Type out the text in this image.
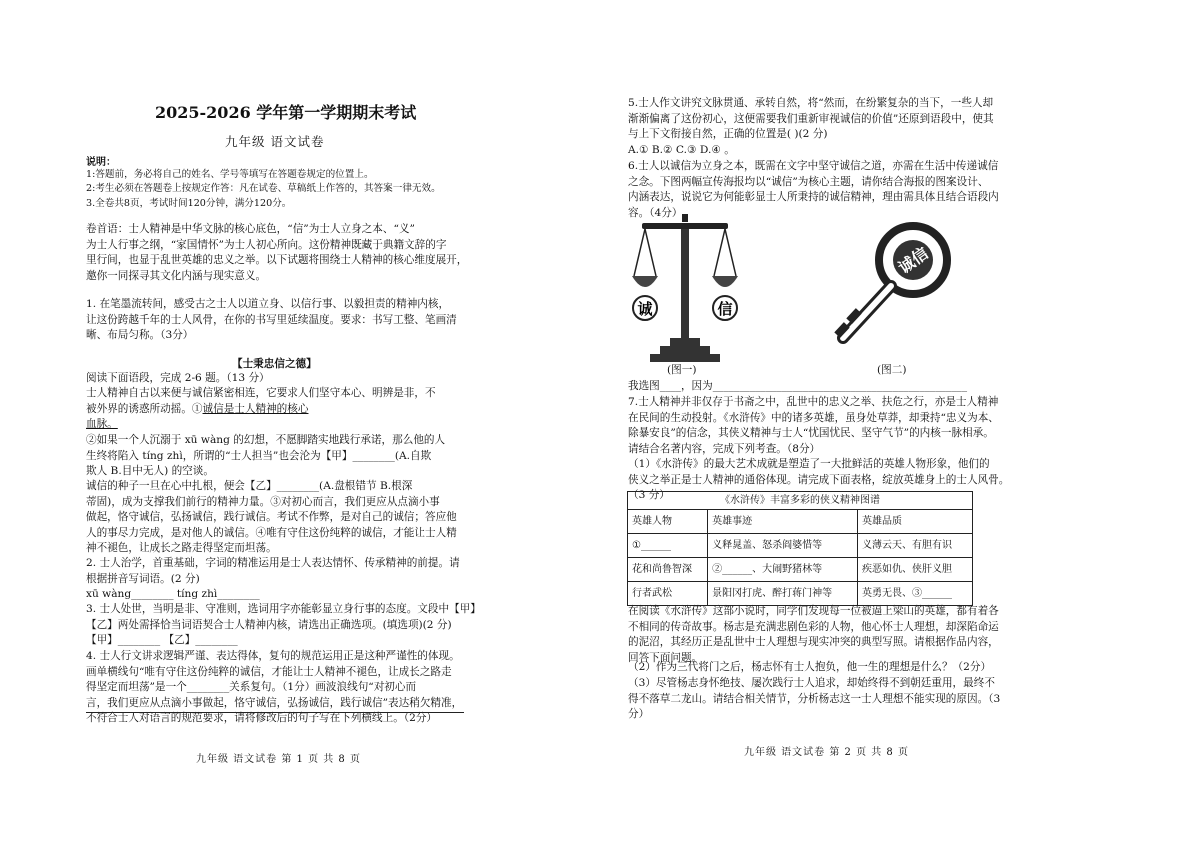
2025-2026 学年第一学期期末考试
九年级 语文试卷
说明：
1:答题前，务必将自己的姓名、学号等填写在答题卷规定的位置上。
2:考生必须在答题卷上按规定作答：凡在试卷、草稿纸上作答的，其答案一律无效。
3.全卷共8页，考试时间120分钟，满分120分。
卷首语：士人精神是中华文脉的核心底色，“信”为士人立身之本、“义”
为士人行事之纲，“家国情怀”为士人初心所向。这份精神既藏于典籍文辞的字
里行间，也显于乱世英雄的忠义之举。以下试题将围绕士人精神的核心维度展开，
邀你一同探寻其文化内涵与现实意义。
1. 在笔墨流转间，感受古之士人以道立身、以信行事、以毅担责的精神内核，
让这份跨越千年的士人风骨，在你的书写里延续温度。要求：书写工整、笔画清
晰、布局匀称。（3分）
【士秉忠信之德】
阅读下面语段，完成 2-6 题。（13 分）
士人精神自古以来便与诚信紧密相连，它要求人们坚守本心、明辨是非，不
被外界的诱惑所动摇。①诚信是士人精神的核心
血脉。
②如果一个人沉溺于 xū wàng 的幻想，不愿脚踏实地践行承诺，那么他的人
生终将陷入 tíng zhì，所谓的“士人担当”也会沦为【甲】________(A.自欺
欺人 B.目中无人) 的空谈。
诚信的种子一旦在心中扎根，便会【乙】________(A.盘根错节 B.根深
蒂固)，成为支撑我们前行的精神力量。③对初心而言，我们更应从点滴小事
做起，恪守诚信，弘扬诚信，践行诚信。考试不作弊，是对自己的诚信；答应他
人的事尽力完成，是对他人的诚信。④唯有守住这份纯粹的诚信，才能让士人精
神不褪色，让成长之路走得坚定而坦荡。
2. 士人治学，首重基础，字词的精准运用是士人表达情怀、传承精神的前提。请
根据拼音写词语。(2 分)
xū wàng________ tíng zhì________
3. 士人处世，当明是非、守准则，选词用字亦能彰显立身行事的态度。文段中【甲】
【乙】两处需择恰当词语契合士人精神内核，请选出正确选项。(填选项)(2 分)
【甲】________ 【乙】________
4. 士人行文讲求逻辑严谨、表达得体，复句的规范运用正是这种严谨性的体现。
画单横线句“唯有守住这份纯粹的诚信，才能让士人精神不褪色，让成长之路走
得坚定而坦荡”是一个________关系复句。（1分）画波浪线句“对初心而
言，我们更应从点滴小事做起，恪守诚信，弘扬诚信，践行诚信”表达稍欠精准，
不符合士人对语言的规范要求，请将修改后的句子写在下列横线上。（2分）
九年级 语文试卷 第 1 页 共 8 页
5.士人作文讲究文脉贯通、承转自然，将“然而，在纷繁复杂的当下，一些人却
渐渐偏离了这份初心，这便需要我们重新审视诚信的价值”还原到语段中，使其
与上下文衔接自然，正确的位置是( )(2 分)
A.① B.② C.③ D.④ 。
6.士人以诚信为立身之本，既需在文字中坚守诚信之道，亦需在生活中传递诚信
之念。下图两幅宣传海报均以“诚信”为核心主题，请你结合海报的图案设计、
内涵表达，说说它为何能彰显士人所秉持的诚信精神，理由需具体且结合语段内
容。（4分）
诚	信
诚信
(图一)	(图二)
我选图____，因为________________________________________________
7.士人精神并非仅存于书斋之中，乱世中的忠义之举、扶危之行，亦是士人精神
在民间的生动投射。《水浒传》中的诸多英雄，虽身处草莽，却秉持“忠义为本、
除暴安良”的信念，其侠义精神与士人“忧国忧民、坚守气节”的内核一脉相承。
请结合名著内容，完成下列考查。（8分）
（1）《水浒传》的最大艺术成就是塑造了一大批鲜活的英雄人物形象，他们的
侠义之举正是士人精神的通俗体现。请完成下面表格，绽放英雄身上的士人风骨。
（3 分）
在阅读《水浒传》这部小说时，同学们发现每一位被逼上梁山的英雄，都有着各
不相同的传奇故事。杨志是充满悲剧色彩的人物，他心怀士人理想，却深陷命运
的泥沼，其经历正是乱世中士人理想与现实冲突的典型写照。请根据作品内容，
回答下面问题。
（2）作为三代将门之后，杨志怀有士人抱负，他一生的理想是什么？（2分）
（3）尽管杨志身怀绝技、屡次践行士人追求，却始终得不到朝廷重用，最终不
得不落草二龙山。请结合相关情节，分析杨志这一士人理想不能实现的原因。（3
分）
九年级 语文试卷 第 2 页 共 8 页
《水浒传》丰富多彩的侠义精神图谱		
英雄人物	英雄事迹	英雄品质
①______	义释晁盖、怒杀阎婆惜等	义薄云天、有胆有识
花和尚鲁智深	②______、大闹野猪林等	疾恶如仇、侠肝义胆
行者武松	景阳冈打虎、醉打蒋门神等	英勇无畏、③______
